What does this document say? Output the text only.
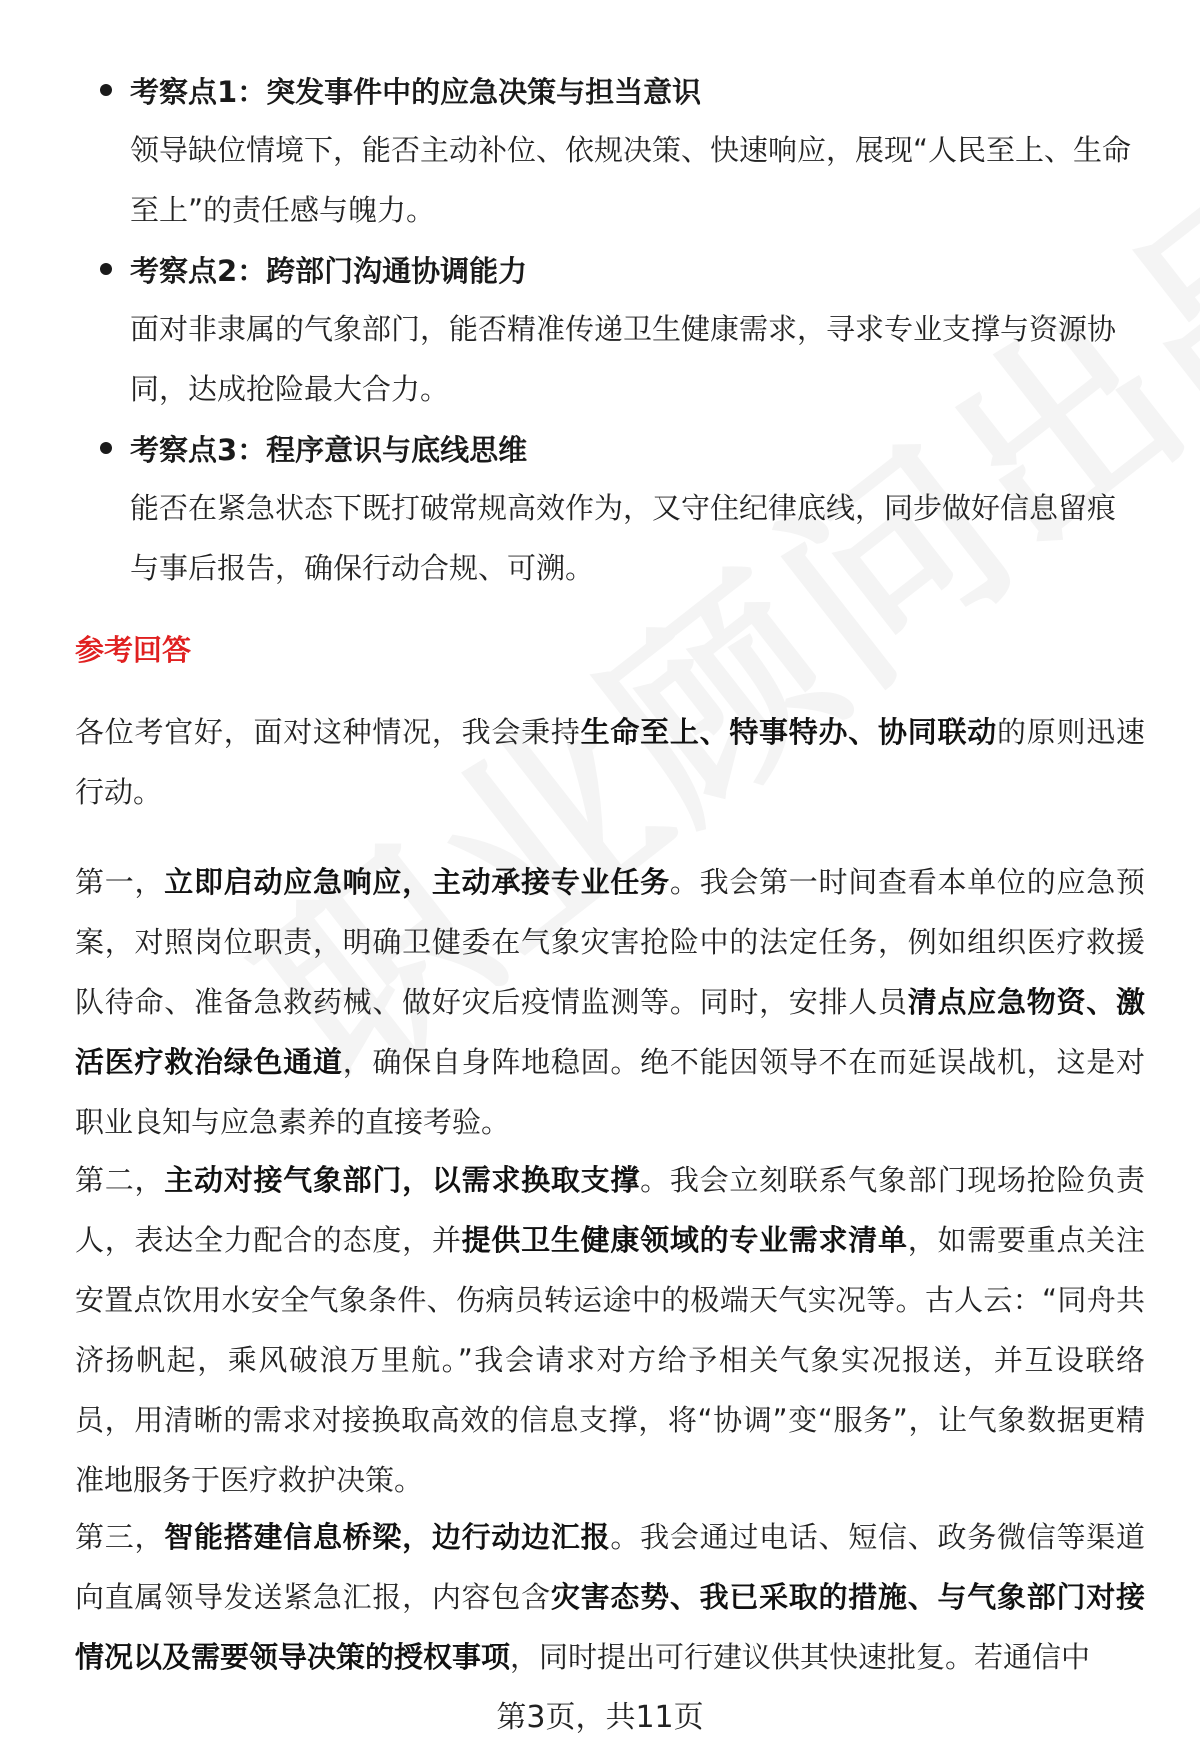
考察点1：突发事件中的应急决策与担当意识
领导缺位情境下，能否主动补位、依规决策、快速响应，展现“人民至上、生命至上”的责任感与魄力。
考察点2：跨部门沟通协调能力
面对非隶属的气象部门，能否精准传递卫生健康需求，寻求专业支撑与资源协同，达成抢险最大合力。
考察点3：程序意识与底线思维
能否在紧急状态下既打破常规高效作为，又守住纪律底线，同步做好信息留痕与事后报告，确保行动合规、可溯。
参考回答
各位考官好，面对这种情况，我会秉持生命至上、特事特办、协同联动的原则迅速行动。
第一，立即启动应急响应，主动承接专业任务。我会第一时间查看本单位的应急预案，对照岗位职责，明确卫健委在气象灾害抢险中的法定任务，例如组织医疗救援队待命、准备急救药械、做好灾后疫情监测等。同时，安排人员清点应急物资、激活医疗救治绿色通道，确保自身阵地稳固。绝不能因领导不在而延误战机，这是对职业良知与应急素养的直接考验。
第二，主动对接气象部门，以需求换取支撑。我会立刻联系气象部门现场抢险负责人，表达全力配合的态度，并提供卫生健康领域的专业需求清单，如需要重点关注安置点饮用水安全气象条件、伤病员转运途中的极端天气实况等。古人云：“同舟共济扬帆起，乘风破浪万里航。”我会请求对方给予相关气象实况报送，并互设联络员，用清晰的需求对接换取高效的信息支撑，将“协调”变“服务”，让气象数据更精准地服务于医疗救护决策。
第三，智能搭建信息桥梁，边行动边汇报。我会通过电话、短信、政务微信等渠道向直属领导发送紧急汇报，内容包含灾害态势、我已采取的措施、与气象部门对接情况以及需要领导决策的授权事项，同时提出可行建议供其快速批复。若通信中
第3页，共11页
